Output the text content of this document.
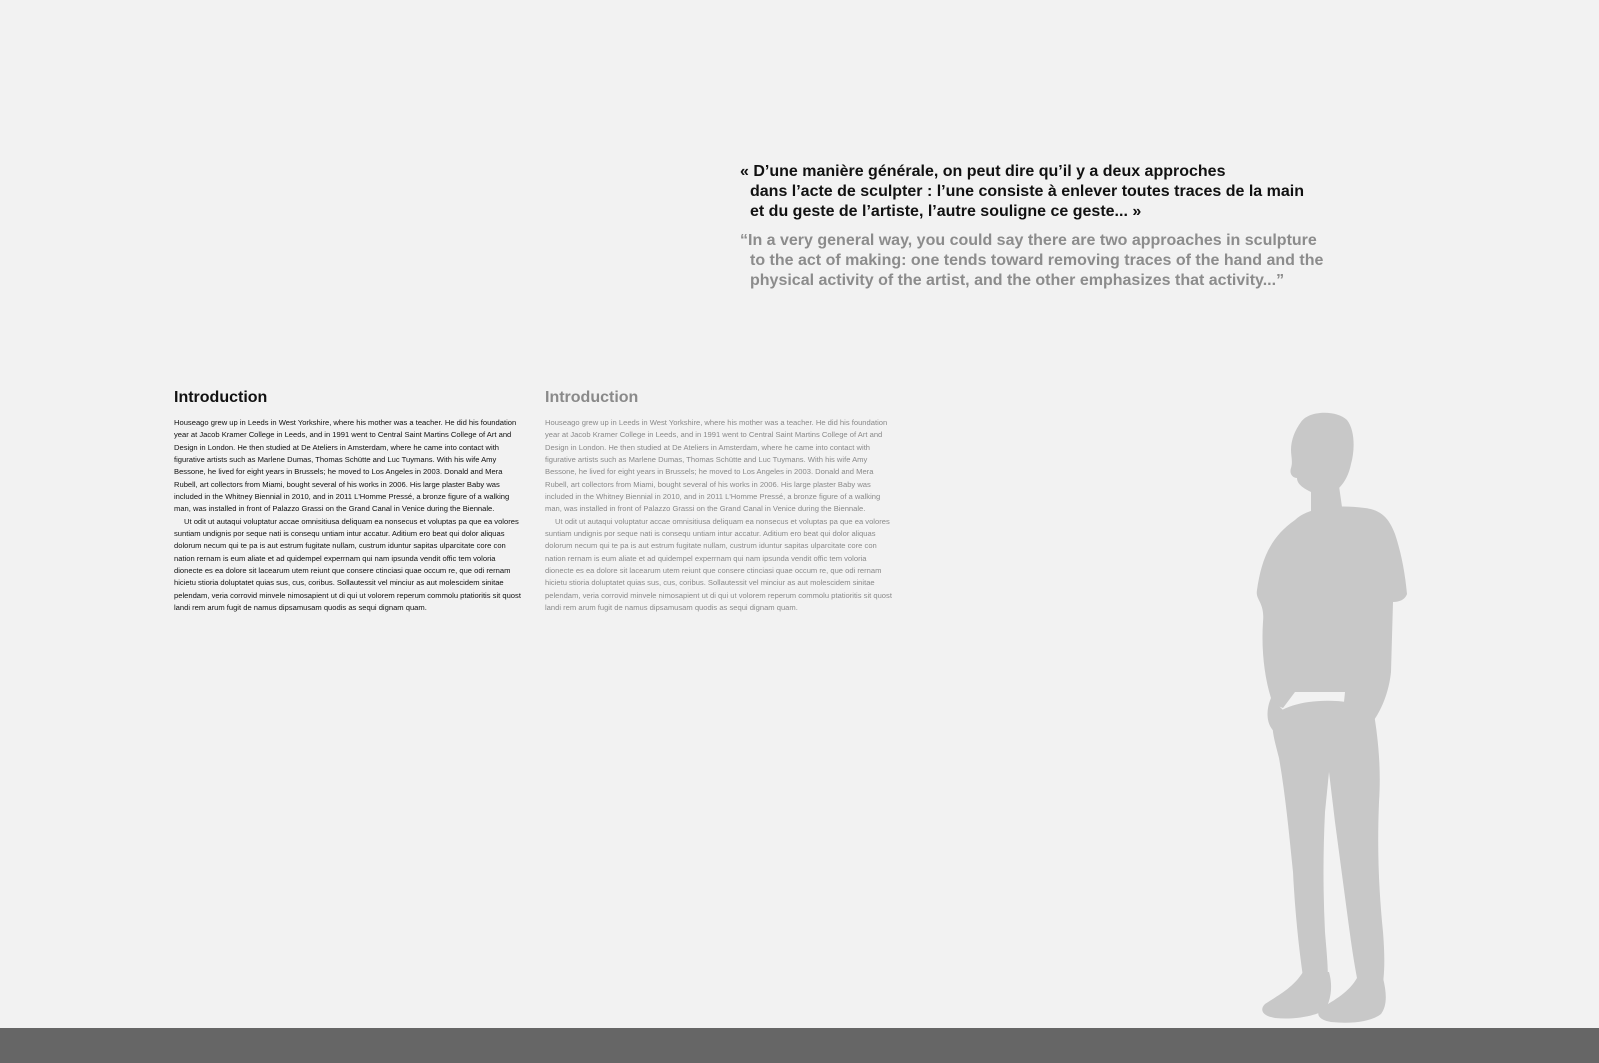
« D’une manière générale, on peut dire qu’il y a deux approches
dans l’acte de sculpter : l’une consiste à enlever toutes traces de la main
et du geste de l’artiste, l’autre souligne ce geste... »
“In a very general way, you could say there are two approaches in sculpture
to the act of making: one tends toward removing traces of the hand and the
physical activity of the artist, and the other emphasizes that activity...”
Introduction

Houseago grew up in Leeds in West Yorkshire, where his mother was a teacher. He did his foundation year at Jacob Kramer College in Leeds, and in 1991 went to Central Saint Martins College of Art and Design in London. He then studied at De Ateliers in Amsterdam, where he came into contact with figurative artists such as Marlene Dumas, Thomas Schütte and Luc Tuymans. With his wife Amy Bessone, he lived for eight years in Brussels; he moved to Los Angeles in 2003. Donald and Mera Rubell, art collectors from Miami, bought several of his works in 2006. His large plaster Baby was included in the Whitney Biennial in 2010, and in 2011 L'Homme Pressé, a bronze figure of a walking man, was installed in front of Palazzo Grassi on the Grand Canal in Venice during the Biennale.

Ut odit ut autaqui voluptatur accae omnisitiusa deliquam ea nonsecus et voluptas pa que ea volores suntiam undignis por seque nati is consequ untiam intur accatur. Aditium ero beat qui dolor aliquas dolorum necum qui te pa is aut estrum fugitate nullam, custrum iduntur sapitas ulparcitate core con nation rernam is eum aliate et ad quidempel experrnam qui nam ipsunda vendit offic tem voloria dionecte es ea dolore sit lacearum utem reiunt que consere ctinciasi quae occum re, que odi rernam hicietu stioria doluptatet quias sus, cus, coribus. Sollautessit vel minciur as aut molescidem sinitae pelendam, veria corrovid minvele nimosapient ut di qui ut volorem reperum commolu ptatioritis sit quost landi rem arum fugit de namus dipsamusam quodis as sequi dignam quam.

Introduction

Houseago grew up in Leeds in West Yorkshire, where his mother was a teacher. He did his foundation year at Jacob Kramer College in Leeds, and in 1991 went to Central Saint Martins College of Art and Design in London. He then studied at De Ateliers in Amsterdam, where he came into contact with figurative artists such as Marlene Dumas, Thomas Schütte and Luc Tuymans. With his wife Amy Bessone, he lived for eight years in Brussels; he moved to Los Angeles in 2003. Donald and Mera Rubell, art collectors from Miami, bought several of his works in 2006. His large plaster Baby was included in the Whitney Biennial in 2010, and in 2011 L'Homme Pressé, a bronze figure of a walking man, was installed in front of Palazzo Grassi on the Grand Canal in Venice during the Biennale.

Ut odit ut autaqui voluptatur accae omnisitiusa deliquam ea nonsecus et voluptas pa que ea volores suntiam undignis por seque nati is consequ untiam intur accatur. Aditium ero beat qui dolor aliquas dolorum necum qui te pa is aut estrum fugitate nullam, custrum iduntur sapitas ulparcitate core con nation rernam is eum aliate et ad quidempel experrnam qui nam ipsunda vendit offic tem voloria dionecte es ea dolore sit lacearum utem reiunt que consere ctinciasi quae occum re, que odi rernam hicietu stioria doluptatet quias sus, cus, coribus. Sollautessit vel minciur as aut molescidem sinitae pelendam, veria corrovid minvele nimosapient ut di qui ut volorem reperum commolu ptatioritis sit quost landi rem arum fugit de namus dipsamusam quodis as sequi dignam quam.
